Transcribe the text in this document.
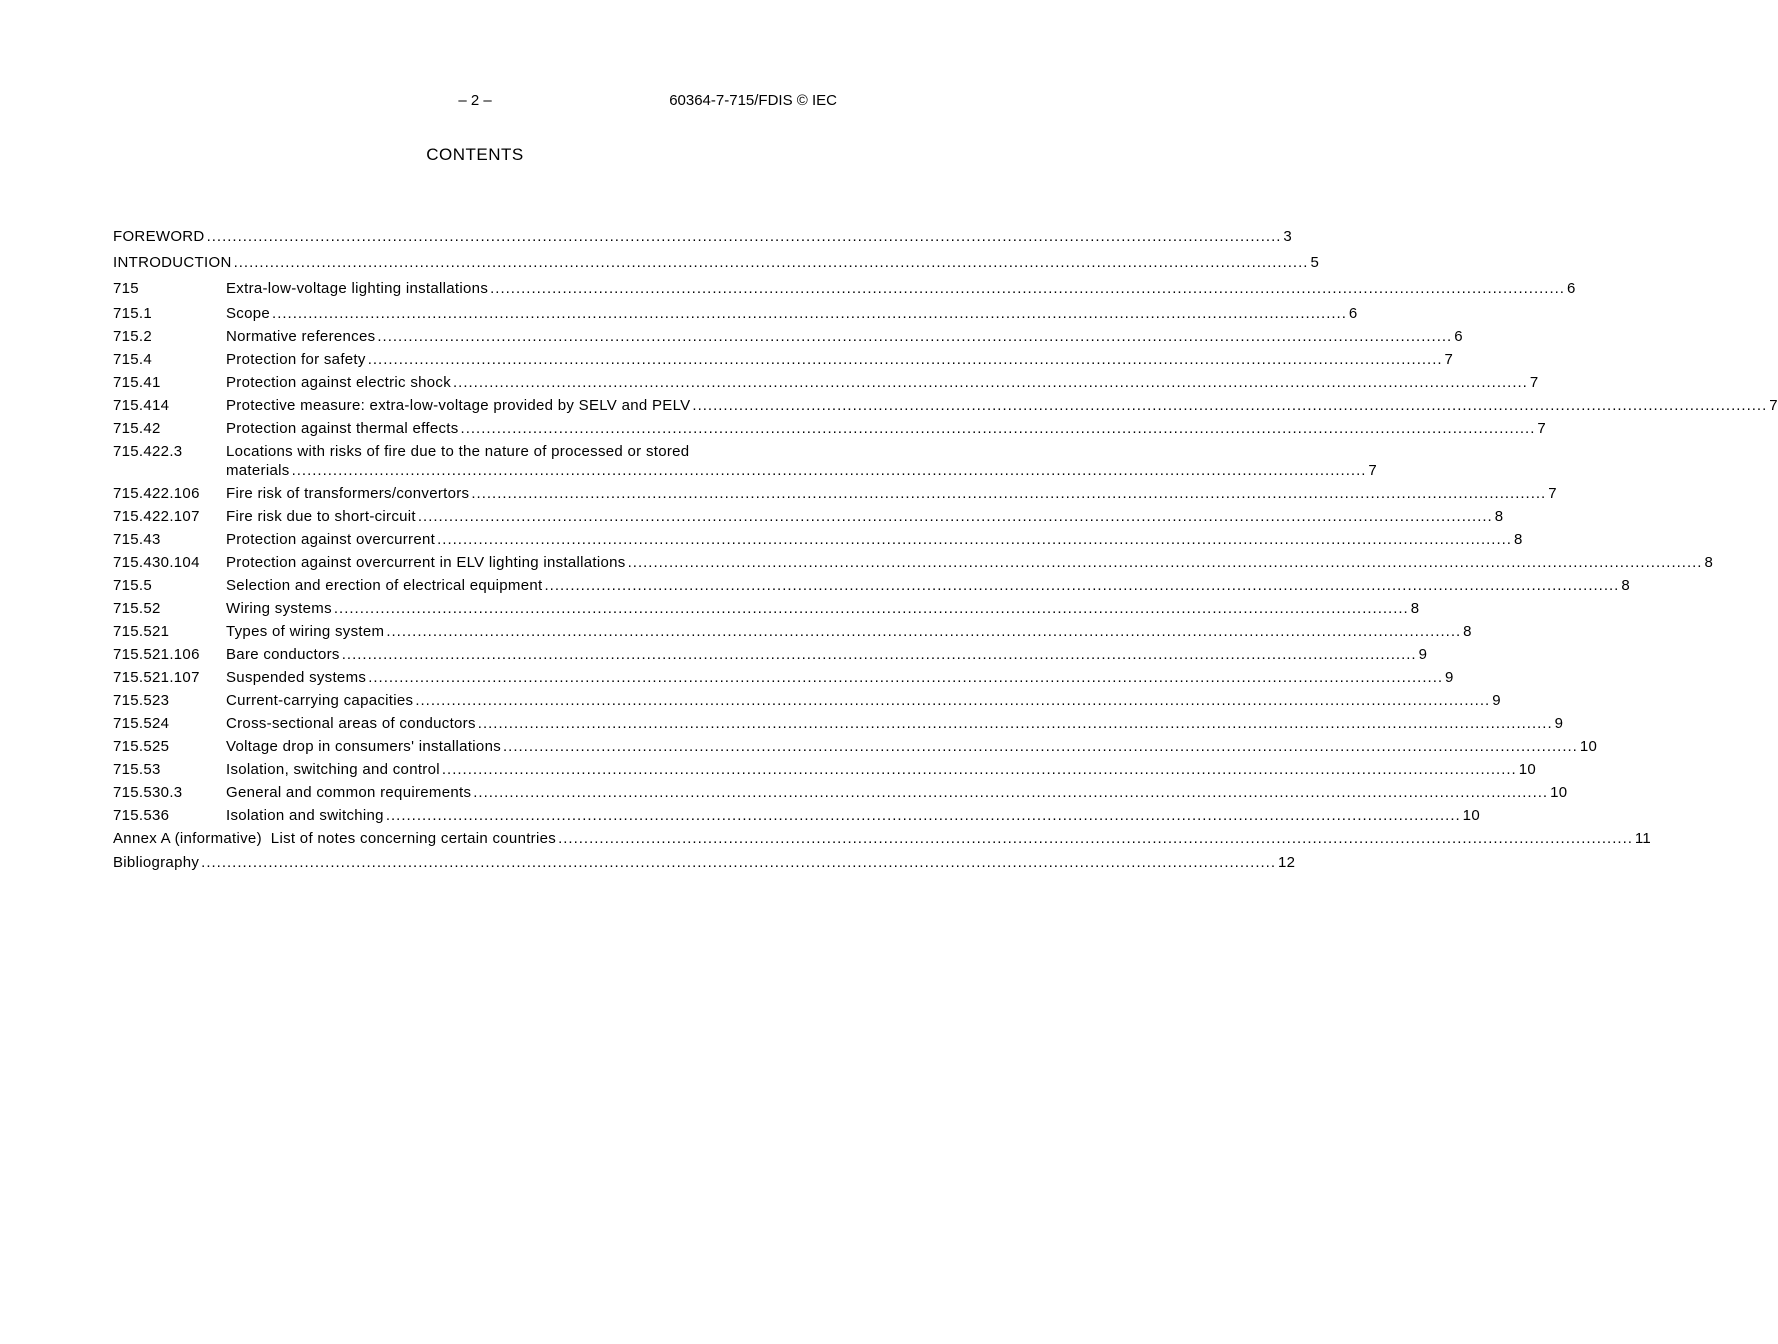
– 2 –	60364-7-715/FDIS © IEC
CONTENTS
FOREWORD .....	3
INTRODUCTION .....	5
715	Extra-low-voltage lighting installations .....	6
715.1	Scope .....	6
715.2	Normative references .....	6
715.4	Protection for safety .....	7
715.41	Protection against electric shock .....	7
715.414	Protective measure: extra-low-voltage provided by SELV and PELV .....	7
715.42	Protection against thermal effects .....	7
715.422.3	Locations with risks of fire due to the nature of processed or stored
materials .....	7
715.422.106	Fire risk of transformers/convertors .....	7
715.422.107	Fire risk due to short-circuit .....	8
715.43	Protection against overcurrent .....	8
715.430.104	Protection against overcurrent in ELV lighting installations .....	8
715.5	Selection and erection of electrical equipment .....	8
715.52	Wiring systems .....	8
715.521	Types of wiring system .....	8
715.521.106	Bare conductors .....	9
715.521.107	Suspended systems .....	9
715.523	Current-carrying capacities .....	9
715.524	Cross-sectional areas of conductors .....	9
715.525	Voltage drop in consumers' installations .....	10
715.53	Isolation, switching and control .....	10
715.530.3	General and common requirements .....	10
715.536	Isolation and switching .....	10
Annex A (informative)  List of notes concerning certain countries .....	11
Bibliography .....	12
